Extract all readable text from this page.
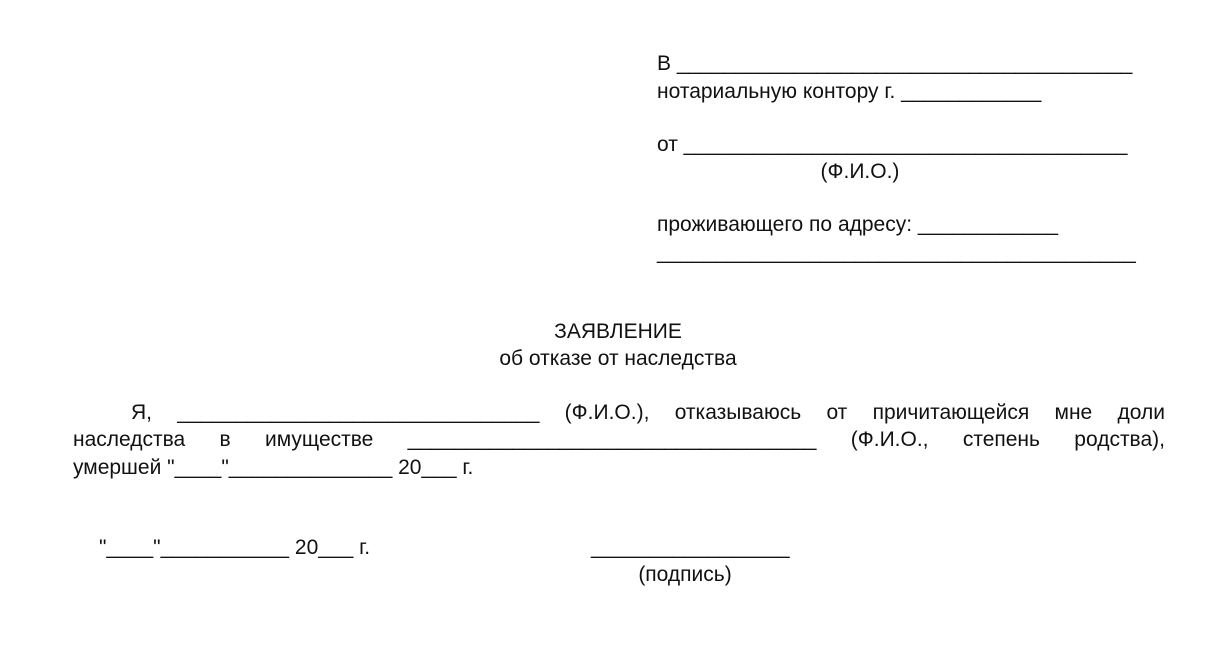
В _______________________________________
нотариальную контору г. ____________
от ______________________________________
(Ф.И.О.)
проживающего по адресу: ____________
_________________________________________
ЗАЯВЛЕНИЕ
об отказе от наследства
Я, _______________________________ (Ф.И.О.), отказываюсь от причитающейся мне доли
наследства в имуществе ___________________________________ (Ф.И.О., степень родства),
умершей "____"______________ 20___ г.
"____"___________ 20___ г.	_________________
(подпись)
